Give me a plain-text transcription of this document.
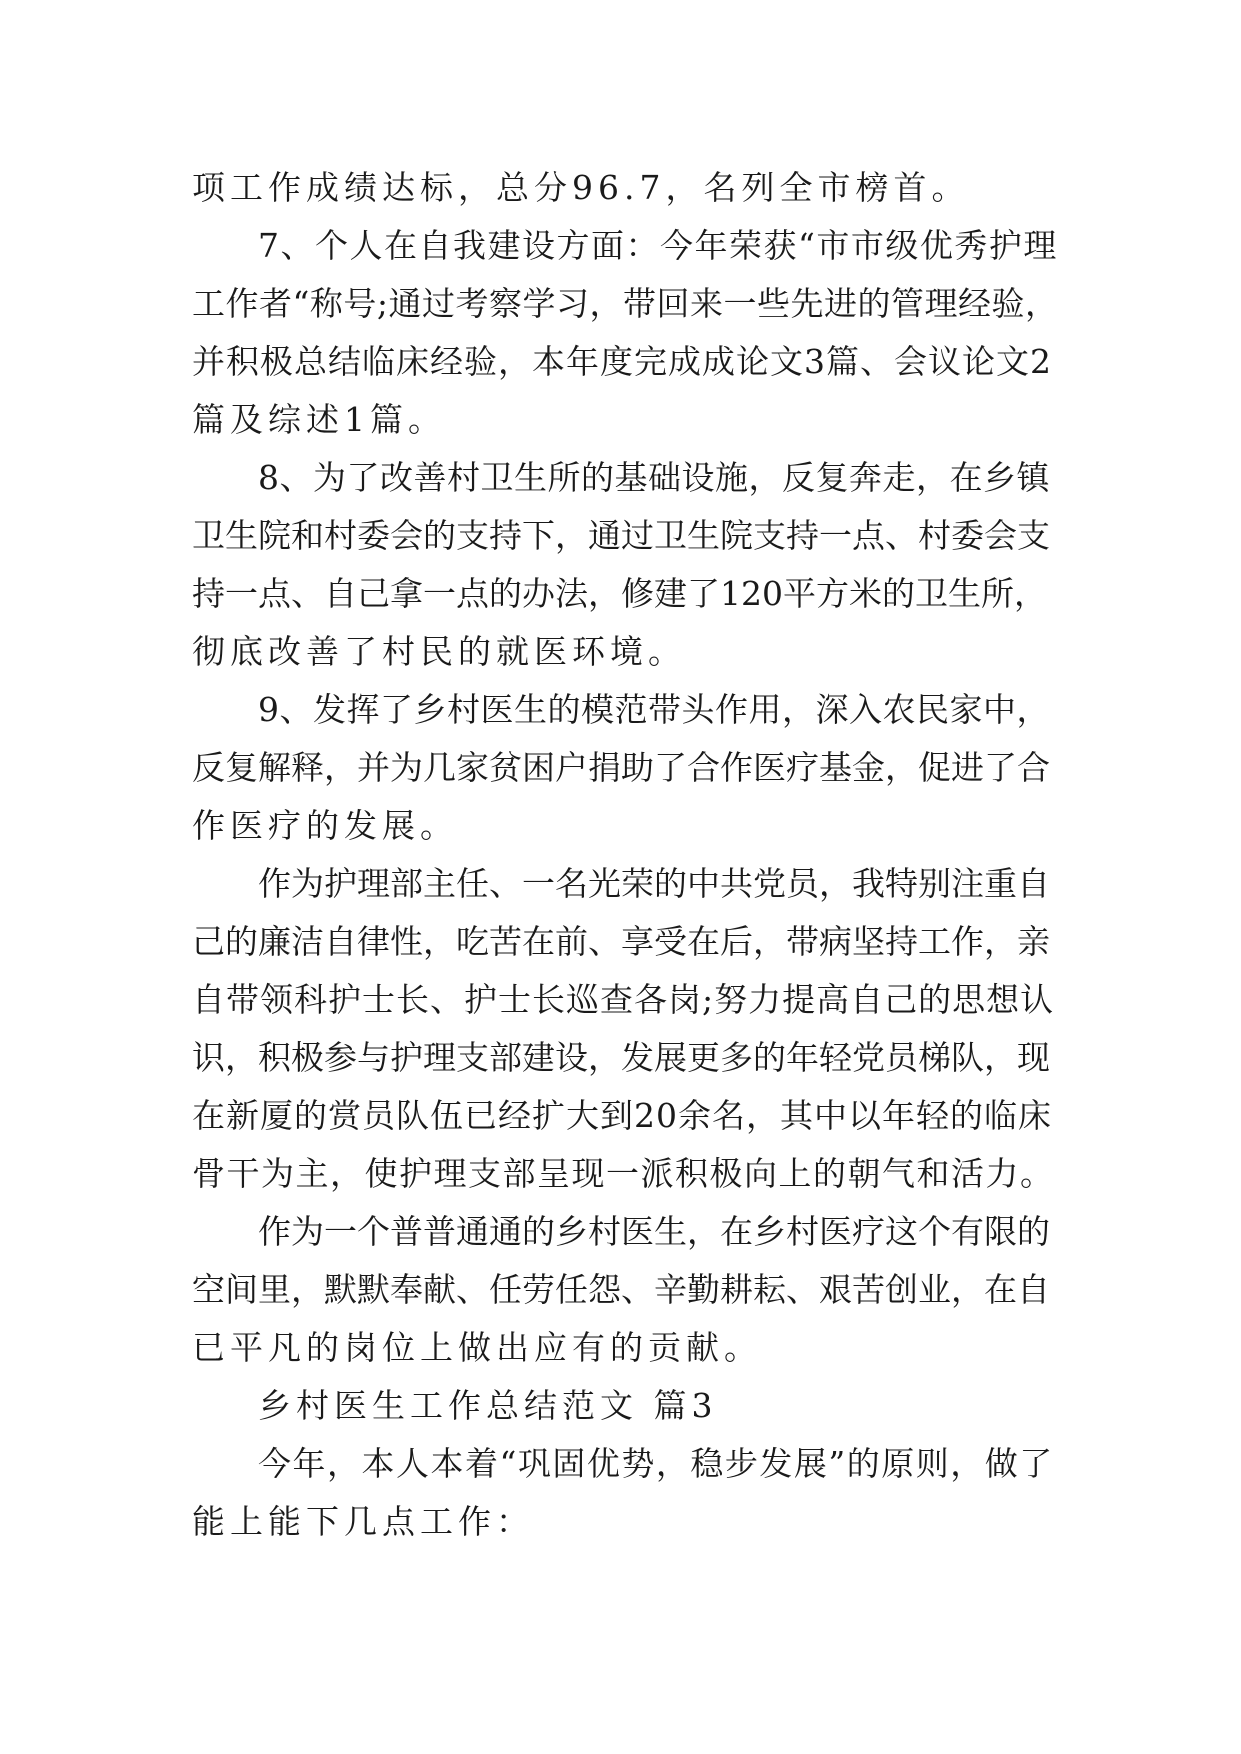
项工作成绩达标，总分96.7，名列全市榜首。
7、个人在自我建设方面：今年荣获“市市级优秀护理
工作者“称号;通过考察学习，带回来一些先进的管理经验，
并积极总结临床经验，本年度完成成论文3篇、会议论文2
篇及综述1篇。
8、为了改善村卫生所的基础设施，反复奔走，在乡镇
卫生院和村委会的支持下，通过卫生院支持一点、村委会支
持一点、自己拿一点的办法，修建了120平方米的卫生所，
彻底改善了村民的就医环境。
9、发挥了乡村医生的模范带头作用，深入农民家中，
反复解释，并为几家贫困户捐助了合作医疗基金，促进了合
作医疗的发展。
作为护理部主任、一名光荣的中共党员，我特别注重自
己的廉洁自律性，吃苦在前、享受在后，带病坚持工作，亲
自带领科护士长、护士长巡查各岗;努力提高自己的思想认
识，积极参与护理支部建设，发展更多的年轻党员梯队，现
在新厦的赏员队伍已经扩大到20余名，其中以年轻的临床
骨干为主，使护理支部呈现一派积极向上的朝气和活力。
作为一个普普通通的乡村医生，在乡村医疗这个有限的
空间里，默默奉献、任劳任怨、辛勤耕耘、艰苦创业，在自
已平凡的岗位上做出应有的贡献。
乡村医生工作总结范文 篇3
今年，本人本着“巩固优势，稳步发展”的原则，做了
能上能下几点工作：
